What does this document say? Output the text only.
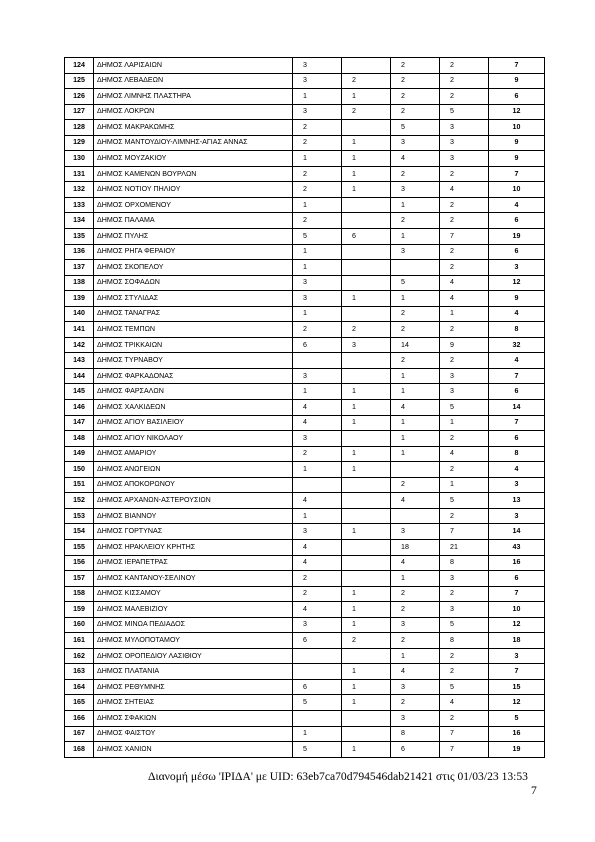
124	ΔΗΜΟΣ ΛΑΡΙΣΑΙΩΝ	3		2	2	7
125	ΔΗΜΟΣ ΛΕΒΑΔΕΩΝ	3	2	2	2	9
126	ΔΗΜΟΣ ΛΙΜΝΗΣ ΠΛΑΣΤΗΡΑ	1	1	2	2	6
127	ΔΗΜΟΣ ΛΟΚΡΩΝ	3	2	2	5	12
128	ΔΗΜΟΣ ΜΑΚΡΑΚΩΜΗΣ	2		5	3	10
129	ΔΗΜΟΣ ΜΑΝΤΟΥΔΙΟΥ-ΛΙΜΝΗΣ-ΑΓΙΑΣ ΑΝΝΑΣ	2	1	3	3	9
130	ΔΗΜΟΣ ΜΟΥΖΑΚΙΟΥ	1	1	4	3	9
131	ΔΗΜΟΣ ΚΑΜΕΝΩΝ ΒΟΥΡΛΩΝ	2	1	2	2	7
132	ΔΗΜΟΣ ΝΟΤΙΟΥ ΠΗΛΙΟΥ	2	1	3	4	10
133	ΔΗΜΟΣ ΟΡΧΟΜΕΝΟΥ	1		1	2	4
134	ΔΗΜΟΣ ΠΑΛΑΜΑ	2		2	2	6
135	ΔΗΜΟΣ ΠΥΛΗΣ	5	6	1	7	19
136	ΔΗΜΟΣ ΡΗΓΑ ΦΕΡΑΙΟΥ	1		3	2	6
137	ΔΗΜΟΣ ΣΚΟΠΕΛΟΥ	1			2	3
138	ΔΗΜΟΣ ΣΟΦΑΔΩΝ	3		5	4	12
139	ΔΗΜΟΣ ΣΤΥΛΙΔΑΣ	3	1	1	4	9
140	ΔΗΜΟΣ ΤΑΝΑΓΡΑΣ	1		2	1	4
141	ΔΗΜΟΣ ΤΕΜΠΩΝ	2	2	2	2	8
142	ΔΗΜΟΣ ΤΡΙΚΚΑΙΩΝ	6	3	14	9	32
143	ΔΗΜΟΣ ΤΥΡΝΑΒΟΥ			2	2	4
144	ΔΗΜΟΣ ΦΑΡΚΑΔΟΝΑΣ	3		1	3	7
145	ΔΗΜΟΣ ΦΑΡΣΑΛΩΝ	1	1	1	3	6
146	ΔΗΜΟΣ ΧΑΛΚΙΔΕΩΝ	4	1	4	5	14
147	ΔΗΜΟΣ ΑΓΙΟΥ ΒΑΣΙΛΕΙΟΥ	4	1	1	1	7
148	ΔΗΜΟΣ ΑΓΙΟΥ ΝΙΚΟΛΑΟΥ	3		1	2	6
149	ΔΗΜΟΣ ΑΜΑΡΙΟΥ	2	1	1	4	8
150	ΔΗΜΟΣ ΑΝΩΓΕΙΩΝ	1	1		2	4
151	ΔΗΜΟΣ ΑΠΟΚΟΡΩΝΟΥ			2	1	3
152	ΔΗΜΟΣ ΑΡΧΑΝΩΝ-ΑΣΤΕΡΟΥΣΙΩΝ	4		4	5	13
153	ΔΗΜΟΣ ΒΙΑΝΝΟΥ	1			2	3
154	ΔΗΜΟΣ ΓΟΡΤΥΝΑΣ	3	1	3	7	14
155	ΔΗΜΟΣ ΗΡΑΚΛΕΙΟΥ ΚΡΗΤΗΣ	4		18	21	43
156	ΔΗΜΟΣ ΙΕΡΑΠΕΤΡΑΣ	4		4	8	16
157	ΔΗΜΟΣ ΚΑΝΤΑΝΟΥ-ΣΕΛΙΝΟΥ	2		1	3	6
158	ΔΗΜΟΣ ΚΙΣΣΑΜΟΥ	2	1	2	2	7
159	ΔΗΜΟΣ ΜΑΛΕΒΙΖΙΟΥ	4	1	2	3	10
160	ΔΗΜΟΣ ΜΙΝΩΑ ΠΕΔΙΑΔΟΣ	3	1	3	5	12
161	ΔΗΜΟΣ ΜΥΛΟΠΟΤΑΜΟΥ	6	2	2	8	18
162	ΔΗΜΟΣ ΟΡΟΠΕΔΙΟΥ ΛΑΣΙΘΙΟΥ			1	2	3
163	ΔΗΜΟΣ ΠΛΑΤΑΝΙΑ		1	4	2	7
164	ΔΗΜΟΣ ΡΕΘΥΜΝΗΣ	6	1	3	5	15
165	ΔΗΜΟΣ ΣΗΤΕΙΑΣ	5	1	2	4	12
166	ΔΗΜΟΣ ΣΦΑΚΙΩΝ			3	2	5
167	ΔΗΜΟΣ ΦΑΙΣΤΟΥ	1		8	7	16
168	ΔΗΜΟΣ ΧΑΝΙΩΝ	5	1	6	7	19
Διανομή μέσω 'ΙΡΙΔΑ' με UID: 63eb7ca70d794546dab21421 στις 01/03/23 13:53
7
